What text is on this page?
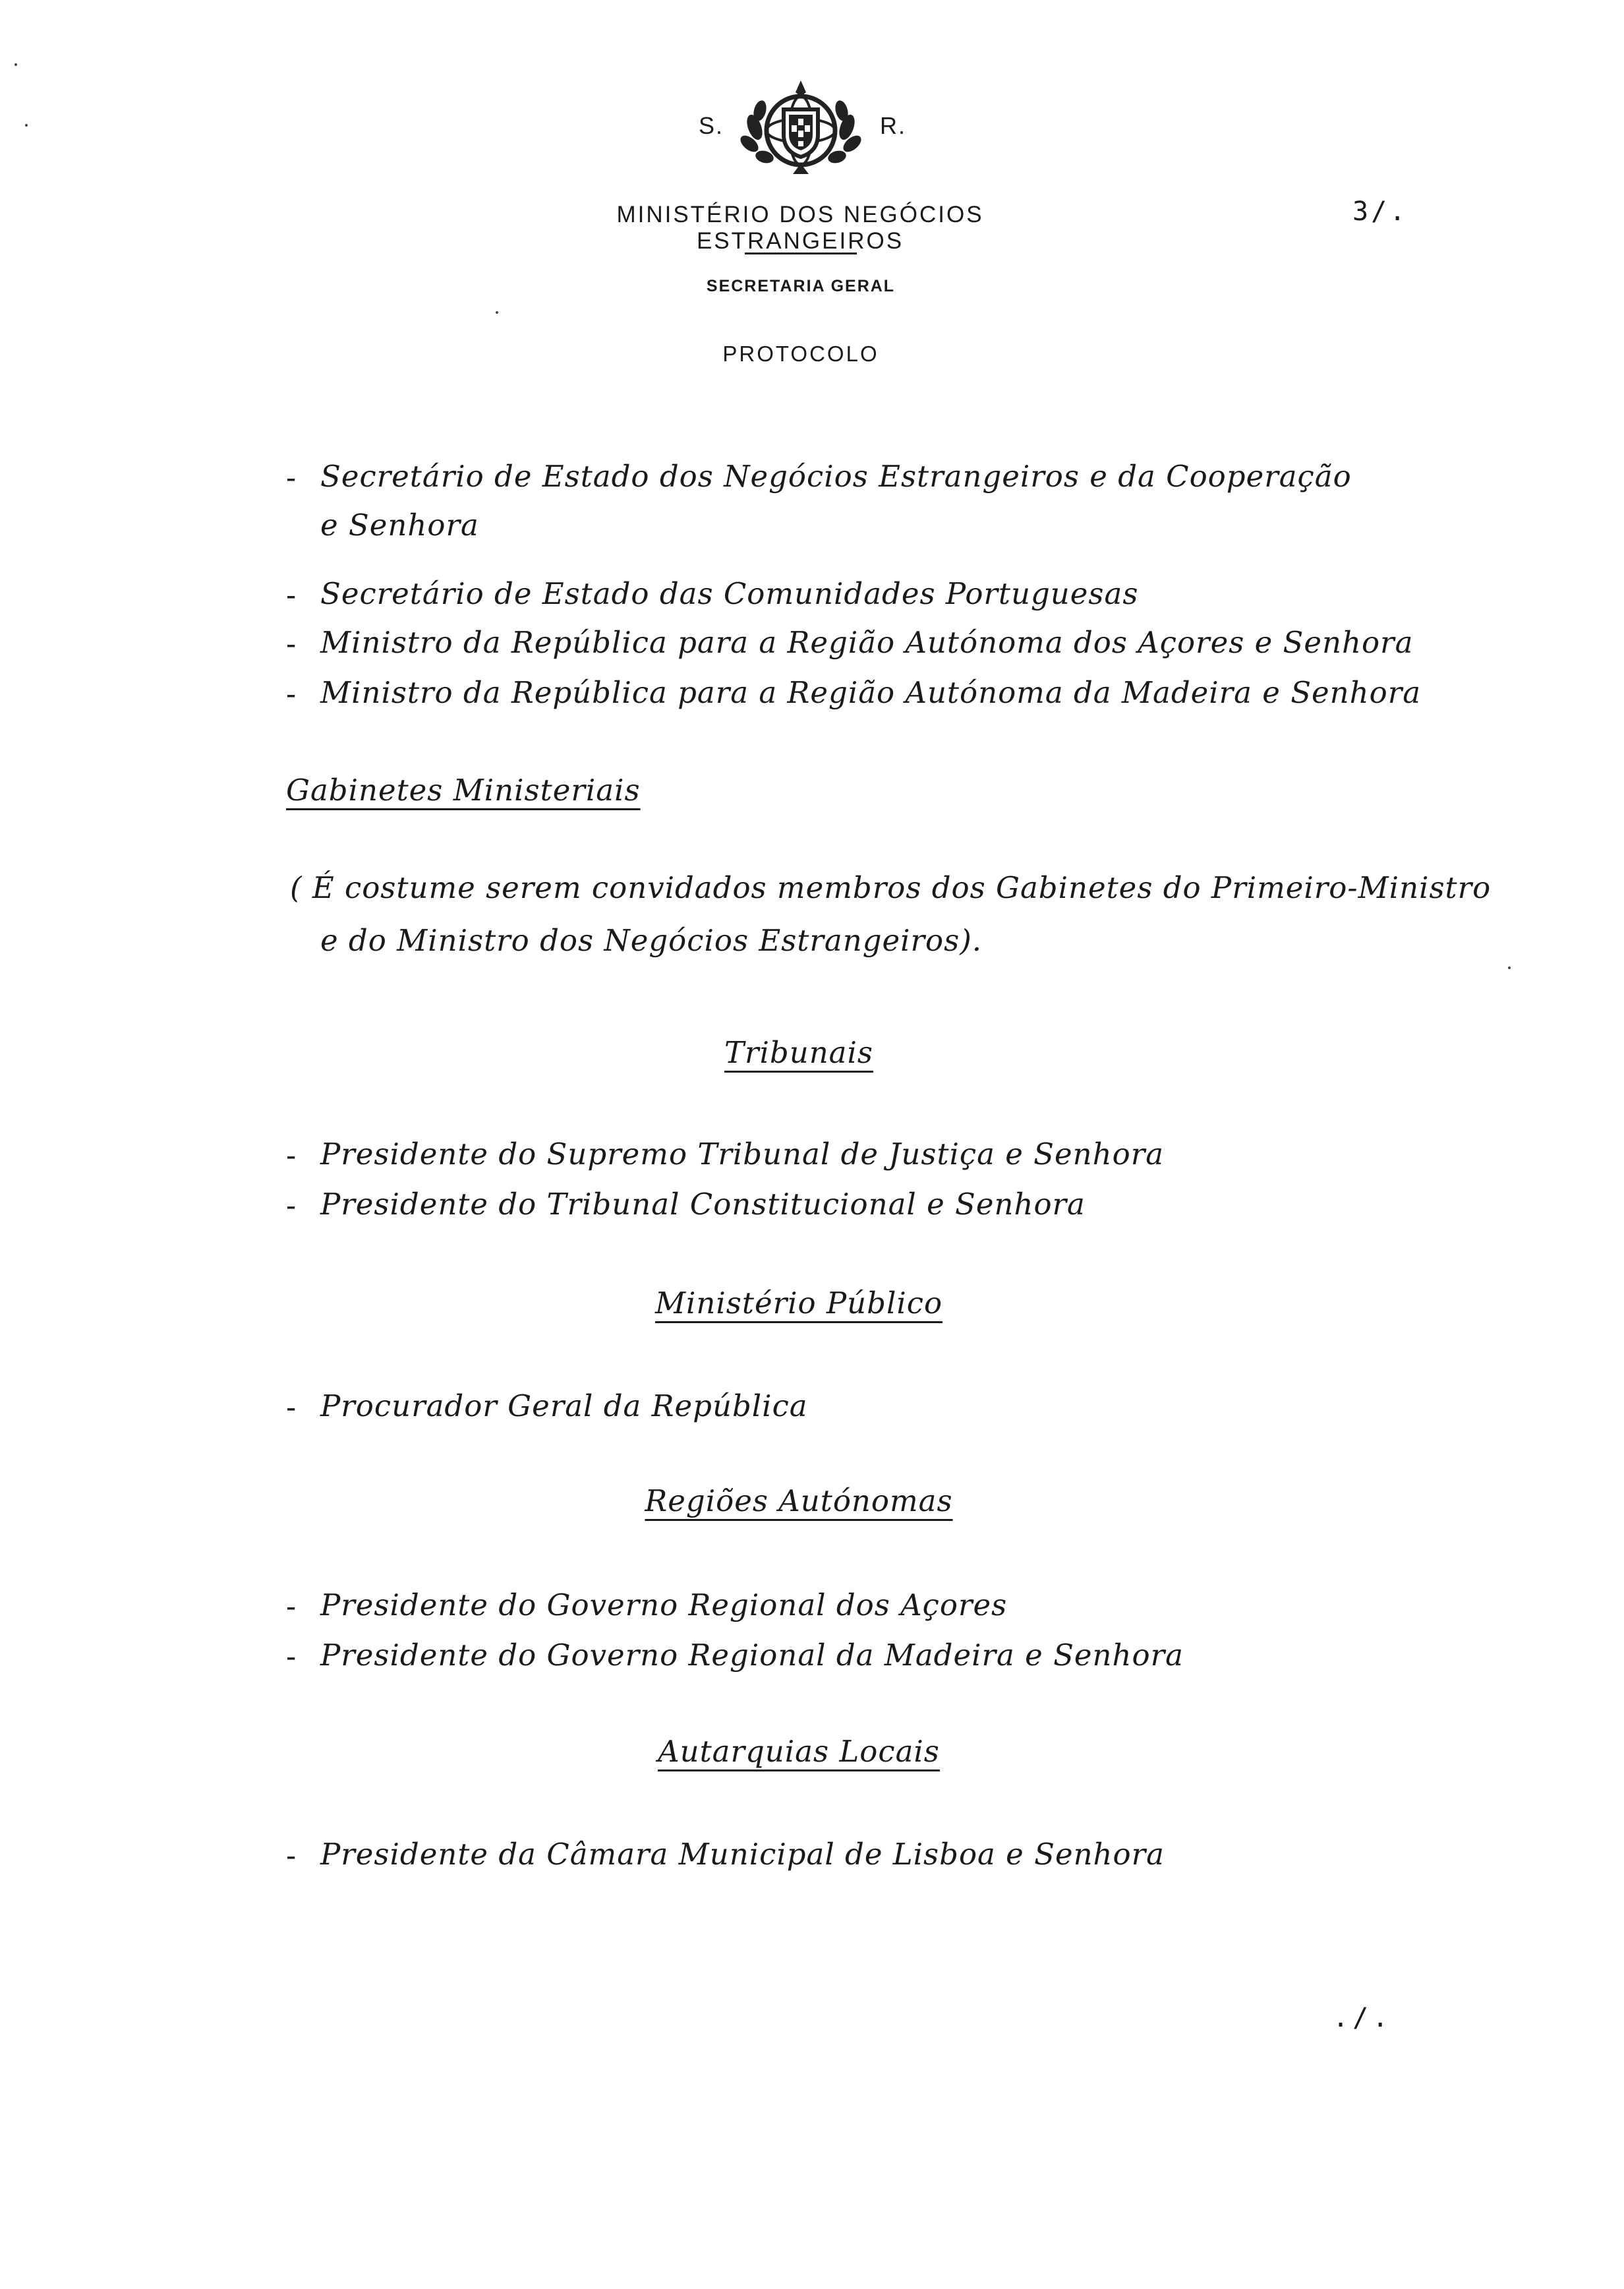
S.	R.
MINISTÉRIO DOS NEGÓCIOS ESTRANGEIROS
3/.
SECRETARIA GERAL
PROTOCOLO
- Secretário de Estado dos Negócios Estrangeiros e da Cooperação
e Senhora
- Secretário de Estado das Comunidades Portuguesas
- Ministro da República para a Região Autónoma dos Açores e Senhora
- Ministro da República para a Região Autónoma da Madeira e Senhora
Gabinetes Ministeriais
( É costume serem convidados membros dos Gabinetes do Primeiro-Ministro
e do Ministro dos Negócios Estrangeiros).
Tribunais
- Presidente do Supremo Tribunal de Justiça e Senhora
- Presidente do Tribunal Constitucional e Senhora
Ministério Público
- Procurador Geral da República
Regiões Autónomas
- Presidente do Governo Regional dos Açores
- Presidente do Governo Regional da Madeira e Senhora
Autarquias Locais
- Presidente da Câmara Municipal de Lisboa e Senhora
./.
